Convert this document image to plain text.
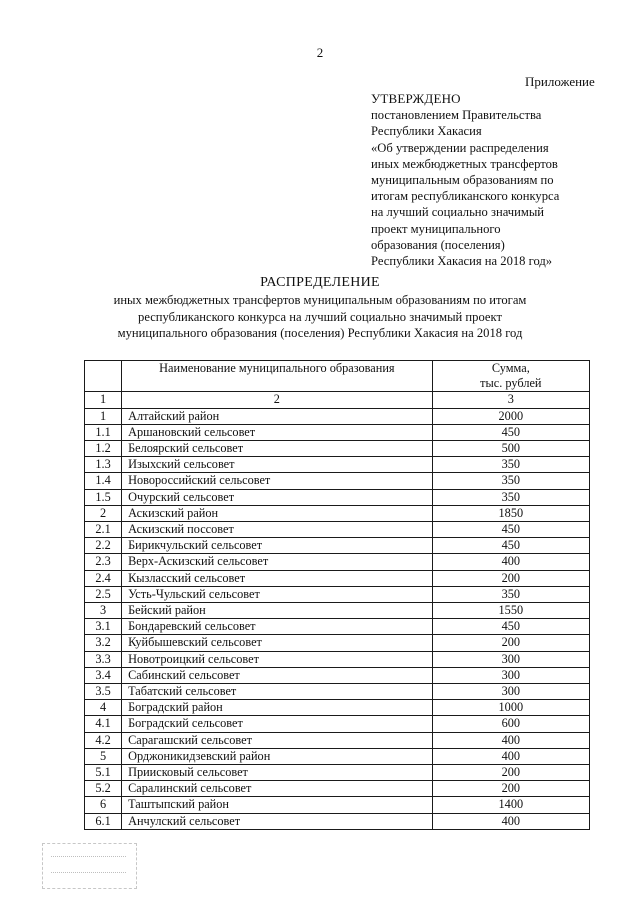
2
Приложение
УТВЕРЖДЕНО
постановлением Правительства
Республики Хакасия
«Об утверждении распределения
иных межбюджетных трансфертов
муниципальным образованиям по
итогам республиканского конкурса
на лучший социально значимый
проект муниципального
образования (поселения)
Республики Хакасия на 2018 год»
РАСПРЕДЕЛЕНИЕ
иных межбюджетных трансфертов муниципальным образованиям по итогам
республиканского конкурса на лучший социально значимый проект
муниципального образования (поселения) Республики Хакасия на 2018 год
	Наименование муниципального образования	Сумма,
тыс. рублей
1	2	3
1	Алтайский район	2000
1.1	Аршановский сельсовет	450
1.2	Белоярский сельсовет	500
1.3	Изыхский сельсовет	350
1.4	Новороссийский сельсовет	350
1.5	Очурский сельсовет	350
2	Аскизский район	1850
2.1	Аскизский поссовет	450
2.2	Бирикчульский сельсовет	450
2.3	Верх-Аскизский сельсовет	400
2.4	Кызласский сельсовет	200
2.5	Усть-Чульский сельсовет	350
3	Бейский район	1550
3.1	Бондаревский сельсовет	450
3.2	Куйбышевский сельсовет	200
3.3	Новотроицкий сельсовет	300
3.4	Сабинский сельсовет	300
3.5	Табатский сельсовет	300
4	Боградский район	1000
4.1	Боградский сельсовет	600
4.2	Сарагашский сельсовет	400
5	Орджоникидзевский район	400
5.1	Приисковый сельсовет	200
5.2	Саралинский сельсовет	200
6	Таштыпский район	1400
6.1	Анчулский сельсовет	400
